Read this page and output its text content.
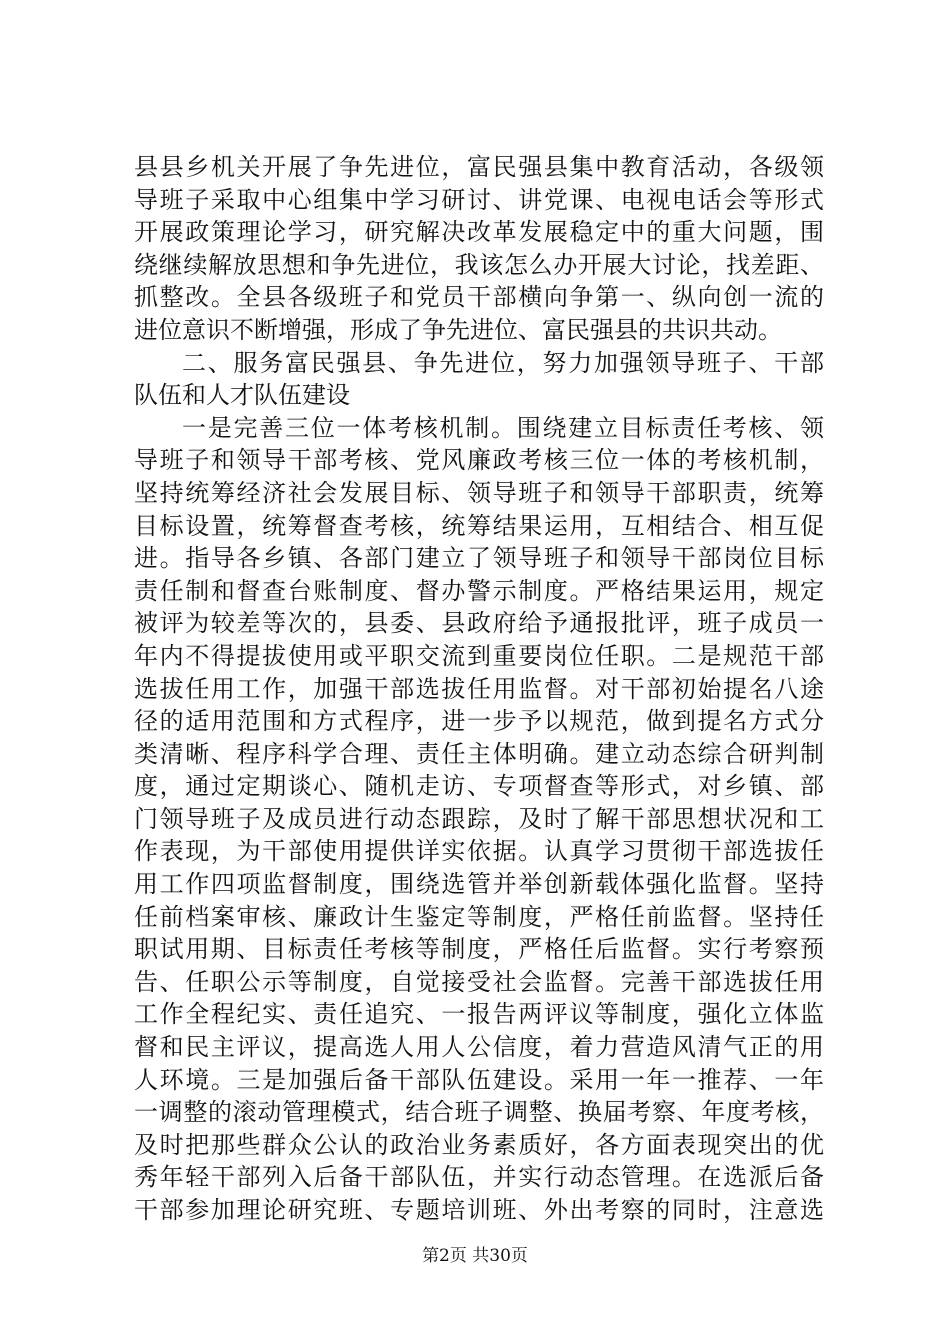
县县乡机关开展了争先进位，富民强县集中教育活动，各级领
导班子采取中心组集中学习研讨、讲党课、电视电话会等形式
开展政策理论学习，研究解决改革发展稳定中的重大问题，围
绕继续解放思想和争先进位，我该怎么办开展大讨论，找差距、
抓整改。全县各级班子和党员干部横向争第一、纵向创一流的
进位意识不断增强，形成了争先进位、富民强县的共识共动。
二、服务富民强县、争先进位，努力加强领导班子、干部
队伍和人才队伍建设
一是完善三位一体考核机制。围绕建立目标责任考核、领
导班子和领导干部考核、党风廉政考核三位一体的考核机制，
坚持统筹经济社会发展目标、领导班子和领导干部职责，统筹
目标设置，统筹督查考核，统筹结果运用，互相结合、相互促
进。指导各乡镇、各部门建立了领导班子和领导干部岗位目标
责任制和督查台账制度、督办警示制度。严格结果运用，规定
被评为较差等次的，县委、县政府给予通报批评，班子成员一
年内不得提拔使用或平职交流到重要岗位任职。二是规范干部
选拔任用工作，加强干部选拔任用监督。对干部初始提名八途
径的适用范围和方式程序，进一步予以规范，做到提名方式分
类清晰、程序科学合理、责任主体明确。建立动态综合研判制
度，通过定期谈心、随机走访、专项督查等形式，对乡镇、部
门领导班子及成员进行动态跟踪，及时了解干部思想状况和工
作表现，为干部使用提供详实依据。认真学习贯彻干部选拔任
用工作四项监督制度，围绕选管并举创新载体强化监督。坚持
任前档案审核、廉政计生鉴定等制度，严格任前监督。坚持任
职试用期、目标责任考核等制度，严格任后监督。实行考察预
告、任职公示等制度，自觉接受社会监督。完善干部选拔任用
工作全程纪实、责任追究、一报告两评议等制度，强化立体监
督和民主评议，提高选人用人公信度，着力营造风清气正的用
人环境。三是加强后备干部队伍建设。采用一年一推荐、一年
一调整的滚动管理模式，结合班子调整、换届考察、年度考核，
及时把那些群众公认的政治业务素质好，各方面表现突出的优
秀年轻干部列入后备干部队伍，并实行动态管理。在选派后备
干部参加理论研究班、专题培训班、外出考察的同时，注意选
第2页 共30页
